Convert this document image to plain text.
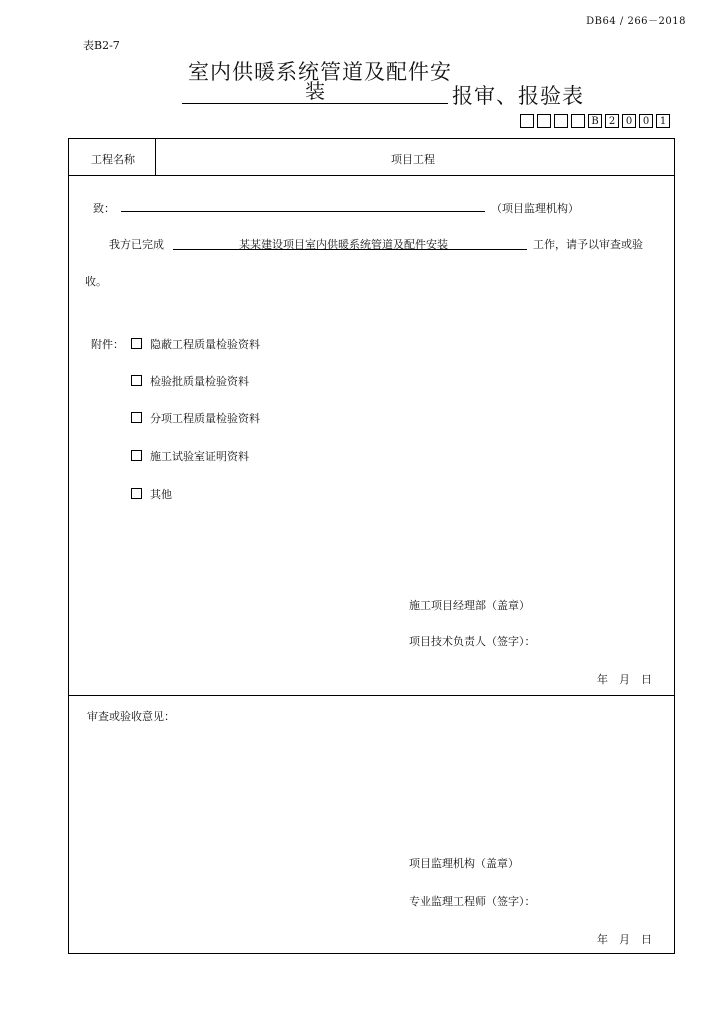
DB64 / 266－2018
表B2-7
室内供暖系统管道及配件安
装	报审、报验表
B	2	0	0	1
工程名称	项目工程
致：	（项目监理机构）
我方已完成	某某建设项目室内供暖系统管道及配件安装	工作，请予以审查或验
收。
附件：	隐蔽工程质量检验资料
检验批质量检验资料
分项工程质量检验资料
施工试验室证明资料
其他
施工项目经理部（盖章）
项目技术负责人（签字）：
年　月　日
审查或验收意见：
项目监理机构（盖章）
专业监理工程师（签字）：
年　月　日
